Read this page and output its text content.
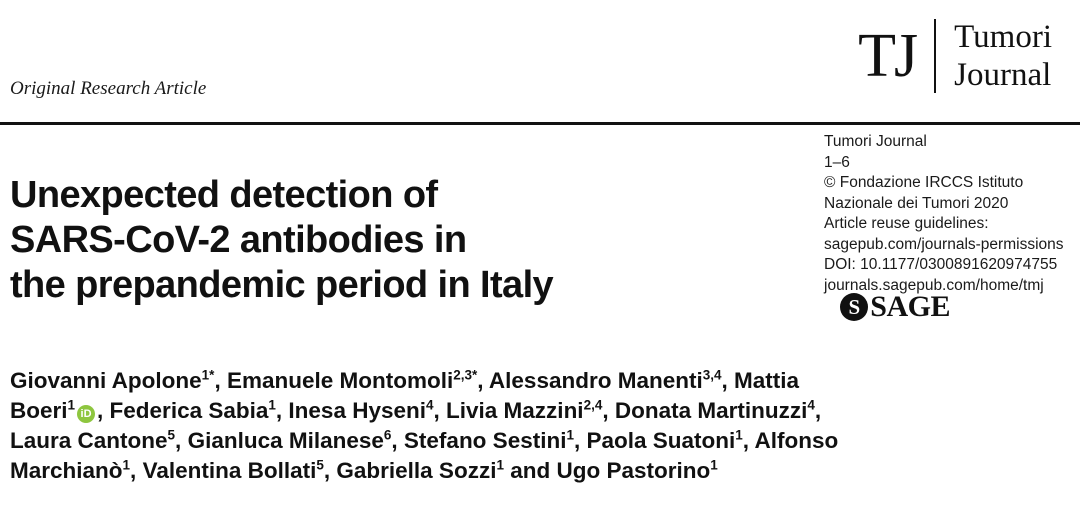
TJ	Tumori
Journal
Original Research Article
Unexpected detection of
SARS-CoV-2 antibodies in
the prepandemic period in Italy
Tumori Journal
1–6
© Fondazione IRCCS Istituto
Nazionale dei Tumori 2020
Article reuse guidelines:
sagepub.com/journals-permissions
DOI: 10.1177/0300891620974755
journals.sagepub.com/home/tmj
S SAGE
Giovanni Apolone$^{1*}$, Emanuele Montomoli$^{2,3*}$, Alessandro Manenti$^{3,4}$, Mattia Boeri$^1$iD , Federica Sabia$^1$, Inesa Hyseni$^4$, Livia Mazzini$^{2,4}$, Donata Martinuzzi$^4$, Laura Cantone$^5$, Gianluca Milanese$^6$, Stefano Sestini$^1$, Paola Suatoni$^1$, Alfonso Marchianò$^1$, Valentina Bollati$^5$, Gabriella Sozzi$^1$ and Ugo Pastorino$^1$
